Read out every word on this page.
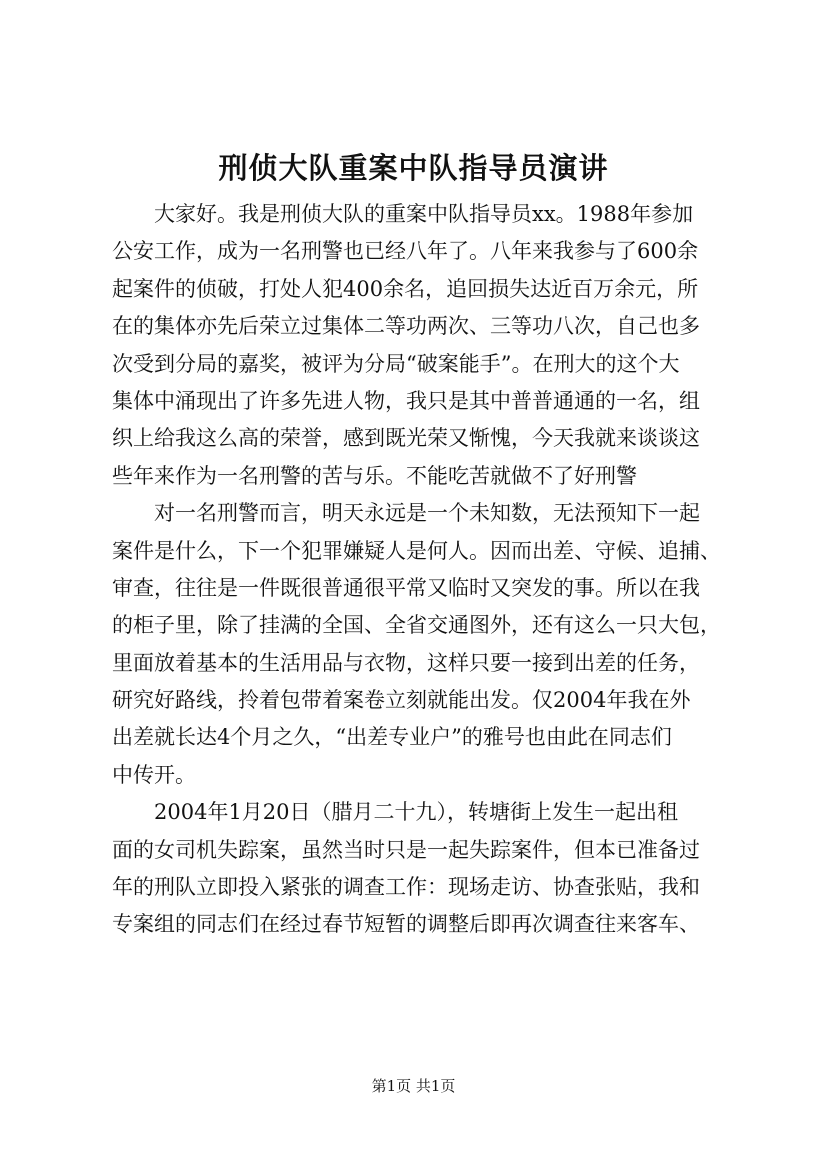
刑侦大队重案中队指导员演讲
　　大家好。我是刑侦大队的重案中队指导员xx。1988年参加
公安工作，成为一名刑警也已经八年了。八年来我参与了600余
起案件的侦破，打处人犯400余名，追回损失达近百万余元，所
在的集体亦先后荣立过集体二等功两次、三等功八次，自己也多
次受到分局的嘉奖，被评为分局“破案能手”。在刑大的这个大
集体中涌现出了许多先进人物，我只是其中普普通通的一名，组
织上给我这么高的荣誉，感到既光荣又惭愧，今天我就来谈谈这
些年来作为一名刑警的苦与乐。不能吃苦就做不了好刑警
　　对一名刑警而言，明天永远是一个未知数，无法预知下一起
案件是什么，下一个犯罪嫌疑人是何人。因而出差、守候、追捕、
审查，往往是一件既很普通很平常又临时又突发的事。所以在我
的柜子里，除了挂满的全国、全省交通图外，还有这么一只大包，
里面放着基本的生活用品与衣物，这样只要一接到出差的任务，
研究好路线，拎着包带着案卷立刻就能出发。仅2004年我在外
出差就长达4个月之久，“出差专业户”的雅号也由此在同志们
中传开。
　　2004年1月20日（腊月二十九），转塘街上发生一起出租
面的女司机失踪案，虽然当时只是一起失踪案件，但本已准备过
年的刑队立即投入紧张的调查工作：现场走访、协查张贴，我和
专案组的同志们在经过春节短暂的调整后即再次调查往来客车、
第1页 共1页
